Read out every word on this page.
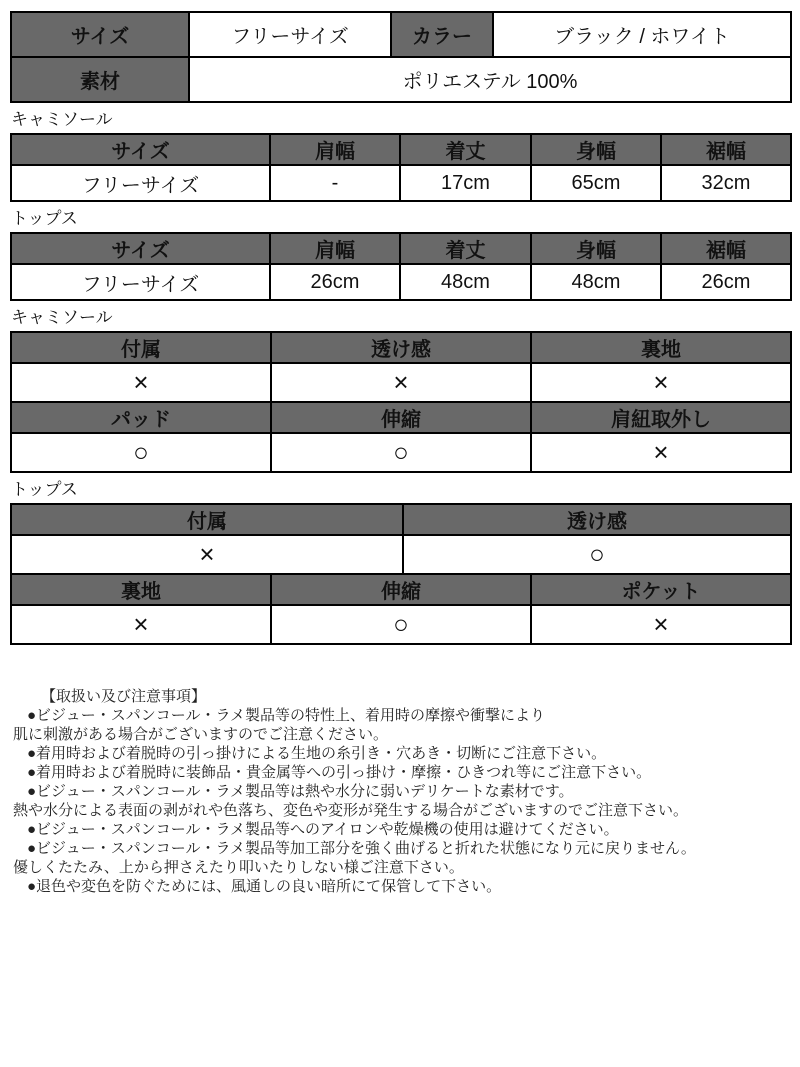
サイズ	フリーサイズ	カラー	ブラック / ホワイト
素材	ポリエステル 100%		
キャミソール
サイズ	肩幅	着丈	身幅	裾幅
フリーサイズ	-	17cm	65cm	32cm
トップス
サイズ	肩幅	着丈	身幅	裾幅
フリーサイズ	26cm	48cm	48cm	26cm
キャミソール
付属	透け感	裏地
×	×	×
パッド	伸縮	肩紐取外し
○	○	×
トップス
付属	透け感
×	○
裏地	伸縮	ポケット
×	○	×
【取扱い及び注意事項】
●ビジュー・スパンコール・ラメ製品等の特性上、着用時の摩擦や衝撃により
肌に刺激がある場合がございますのでご注意ください。
●着用時および着脱時の引っ掛けによる生地の糸引き・穴あき・切断にご注意下さい。
●着用時および着脱時に装飾品・貴金属等への引っ掛け・摩擦・ひきつれ等にご注意下さい。
●ビジュー・スパンコール・ラメ製品等は熱や水分に弱いデリケートな素材です。
熱や水分による表面の剥がれや色落ち、変色や変形が発生する場合がございますのでご注意下さい。
●ビジュー・スパンコール・ラメ製品等へのアイロンや乾燥機の使用は避けてください。
●ビジュー・スパンコール・ラメ製品等加工部分を強く曲げると折れた状態になり元に戻りません。
優しくたたみ、上から押さえたり叩いたりしない様ご注意下さい。
●退色や変色を防ぐためには、風通しの良い暗所にて保管して下さい。
